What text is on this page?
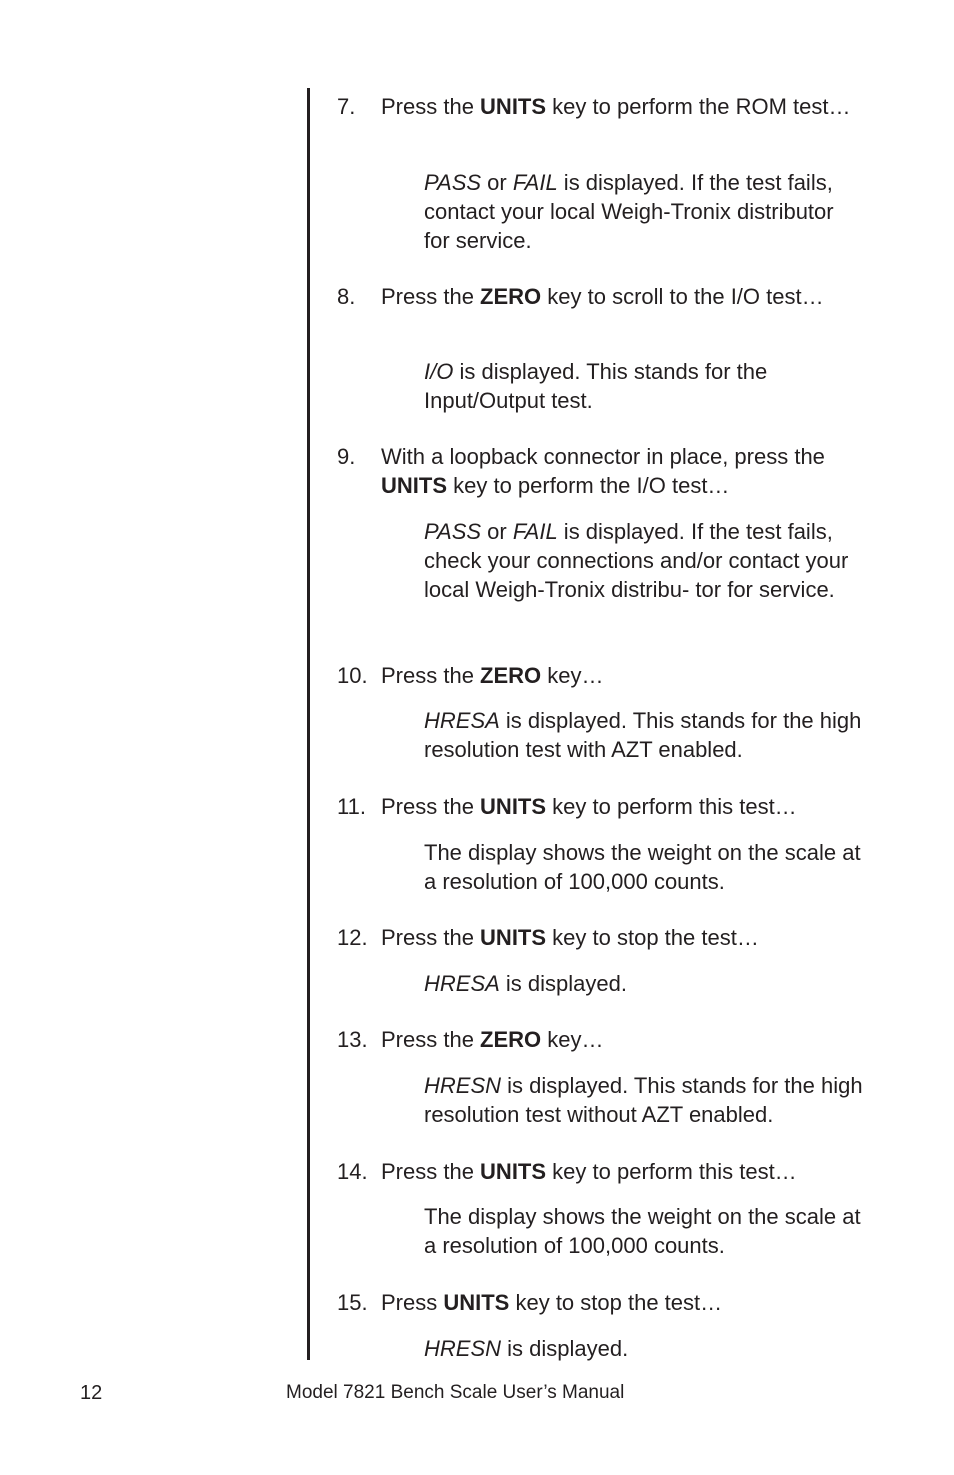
7.	Press the UNITS key to perform the ROM test…
PASS or FAIL is displayed. If the test fails, contact your local Weigh-Tronix distributor for service.
8.	Press the ZERO key to scroll to the I/O test…
I/O is displayed. This stands for the Input/Output test.
9.	With a loopback connector in place, press the UNITS key to perform the I/O test…
PASS or FAIL is displayed. If the test fails, check your connections and/or contact your local Weigh-Tronix distribu- tor for service.
10. Press the ZERO key…
HRESA is displayed. This stands for the high resolution test with AZT enabled.
11. Press the UNITS key to perform this test…
The display shows the weight on the scale at a resolution of 100,000 counts.
12. Press the UNITS key to stop the test…
HRESA is displayed.
13. Press the ZERO key…
HRESN is displayed. This stands for the high resolution test without AZT enabled.
14. Press the UNITS key to perform this test…
The display shows the weight on the scale at a resolution of 100,000 counts.
15. Press UNITS key to stop the test…
HRESN is displayed.
12	Model 7821 Bench Scale User’s Manual
